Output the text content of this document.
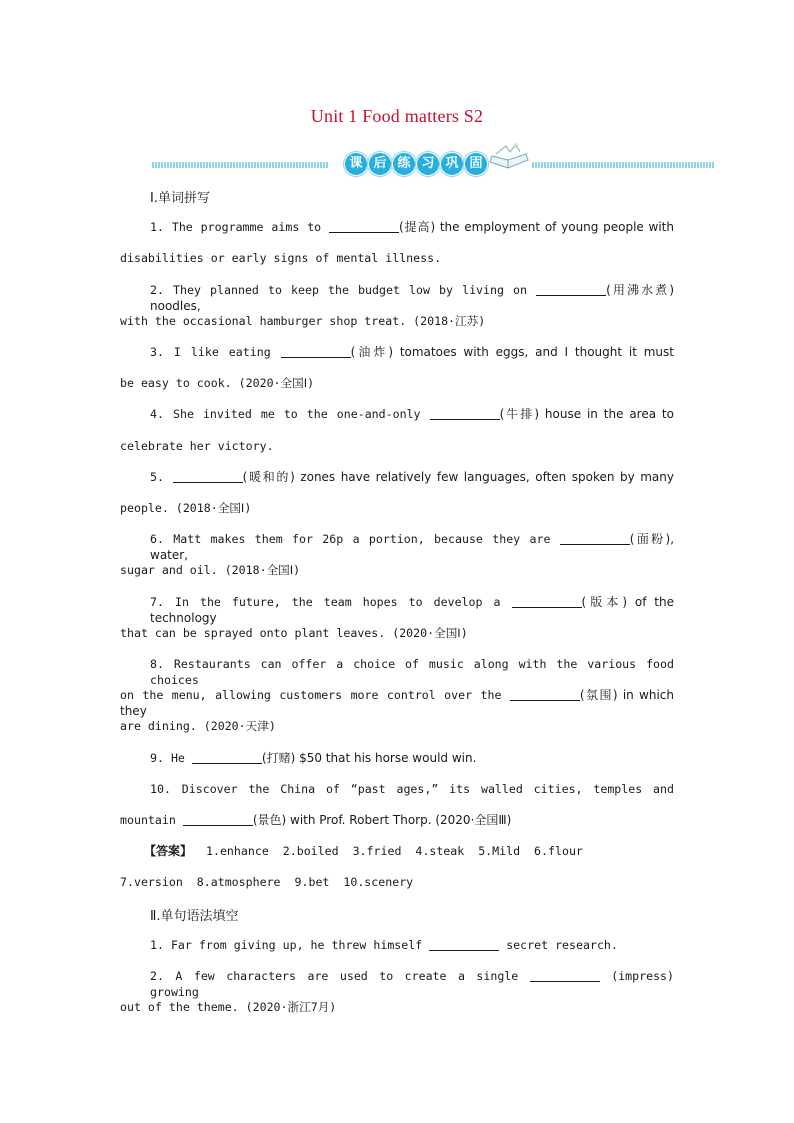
Unit 1 Food matters S2
课 后 练 习 巩 固
Ⅰ.单词拼写
1. The programme aims to	(提高) the employment of young people with
disabilities or early signs of mental illness.
2. They planned to keep the budget low by living on	(用沸水煮) noodles,
with the occasional hamburger shop treat. (2018·江苏)
3. I like eating	(油炸) tomatoes with eggs, and I thought it must
be easy to cook. (2020·全国Ⅰ)
4. She invited me to the one-and-only	(牛排) house in the area to
celebrate her victory.
5.	(暖和的) zones have relatively few languages, often spoken by many
people. (2018·全国Ⅰ)
6. Matt makes them for 26p a portion, because they are	(面粉), water,
sugar and oil. (2018·全国Ⅰ)
7. In the future, the team hopes to develop a	(版本) of the technology
that can be sprayed onto plant leaves. (2020·全国Ⅰ)
8. Restaurants can offer a choice of music along with the various food choices
on the menu, allowing customers more control over the	(氛围) in which they
are dining. (2020·天津)
9. He	(打赌) $50 that his horse would win.
10. Discover the China of “past ages,” its walled cities, temples and
mountain	(景色) with Prof. Robert Thorp. (2020·全国Ⅲ)
【答案】 1.enhance  2.boiled  3.fried  4.steak  5.Mild  6.flour
7.version  8.atmosphere  9.bet  10.scenery
Ⅱ.单句语法填空
1. Far from giving up, he threw himself	secret research.
2. A few characters are used to create a single	(impress) growing
out of the theme. (2020·浙江7月)
